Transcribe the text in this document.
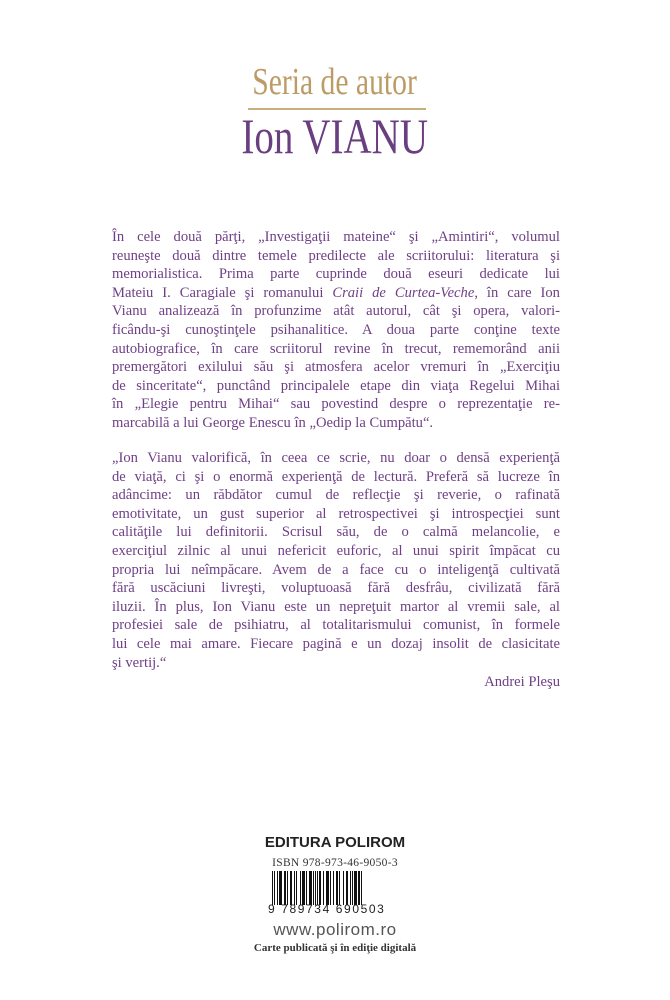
Seria de autor
Ion VIANU
În cele două părţi, „Investigaţii mateine“ şi „Amintiri“, volumul
reuneşte două dintre temele predilecte ale scriitorului: literatura şi
memorialistica. Prima parte cuprinde două eseuri dedicate lui
Mateiu I. Caragiale şi romanului Craii de Curtea-Veche, în care Ion
Vianu analizează în profunzime atât autorul, cât şi opera, valori-
ficându-şi cunoştinţele psihanalitice. A doua parte conţine texte
autobiografice, în care scriitorul revine în trecut, rememorând anii
premergători exilului său şi atmosfera acelor vremuri în „Exerciţiu
de sinceritate“, punctând principalele etape din viaţa Regelui Mihai
în „Elegie pentru Mihai“ sau povestind despre o reprezentaţie re-
marcabilă a lui George Enescu în „Oedip la Cumpătu“.
„Ion Vianu valorifică, în ceea ce scrie, nu doar o densă experienţă
de viaţă, ci şi o enormă experienţă de lectură. Preferă să lucreze în
adâncime: un răbdător cumul de reflecţie şi reverie, o rafinată
emotivitate, un gust superior al retrospectivei şi introspecţiei sunt
calităţile lui definitorii. Scrisul său, de o calmă melancolie, e
exerciţiul zilnic al unui nefericit euforic, al unui spirit împăcat cu
propria lui neîmpăcare. Avem de a face cu o inteligenţă cultivată
fără uscăciuni livreşti, voluptuoasă fără desfrâu, civilizată fără
iluzii. În plus, Ion Vianu este un nepreţuit martor al vremii sale, al
profesiei sale de psihiatru, al totalitarismului comunist, în formele
lui cele mai amare. Fiecare pagină e un dozaj insolit de clasicitate
şi vertij.“
Andrei Pleşu
EDITURA POLIROM
ISBN 978-973-46-9050-3
9 789734 690503
www.polirom.ro
Carte publicată şi în ediţie digitală
